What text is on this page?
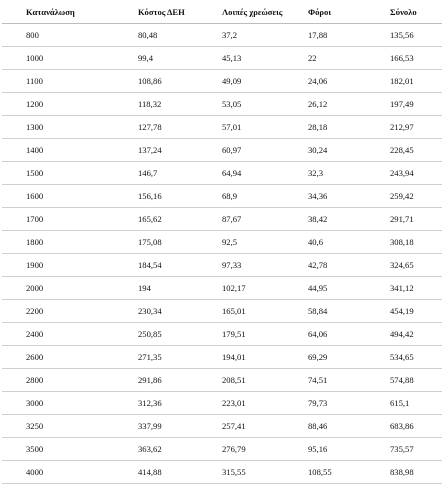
Κατανάλωση	Κόστος ΔΕΗ	Λοιπές χρεώσεις	Φόροι	Σύνολο
800	80,48	37,2	17,88	135,56
1000	99,4	45,13	22	166,53
1100	108,86	49,09	24,06	182,01
1200	118,32	53,05	26,12	197,49
1300	127,78	57,01	28,18	212,97
1400	137,24	60,97	30,24	228,45
1500	146,7	64,94	32,3	243,94
1600	156,16	68,9	34,36	259,42
1700	165,62	87,67	38,42	291,71
1800	175,08	92,5	40,6	308,18
1900	184,54	97,33	42,78	324,65
2000	194	102,17	44,95	341,12
2200	230,34	165,01	58,84	454,19
2400	250,85	179,51	64,06	494,42
2600	271,35	194,01	69,29	534,65
2800	291,86	208,51	74,51	574,88
3000	312,36	223,01	79,73	615,1
3250	337,99	257,41	88,46	683,86
3500	363,62	276,79	95,16	735,57
4000	414,88	315,55	108,55	838,98
